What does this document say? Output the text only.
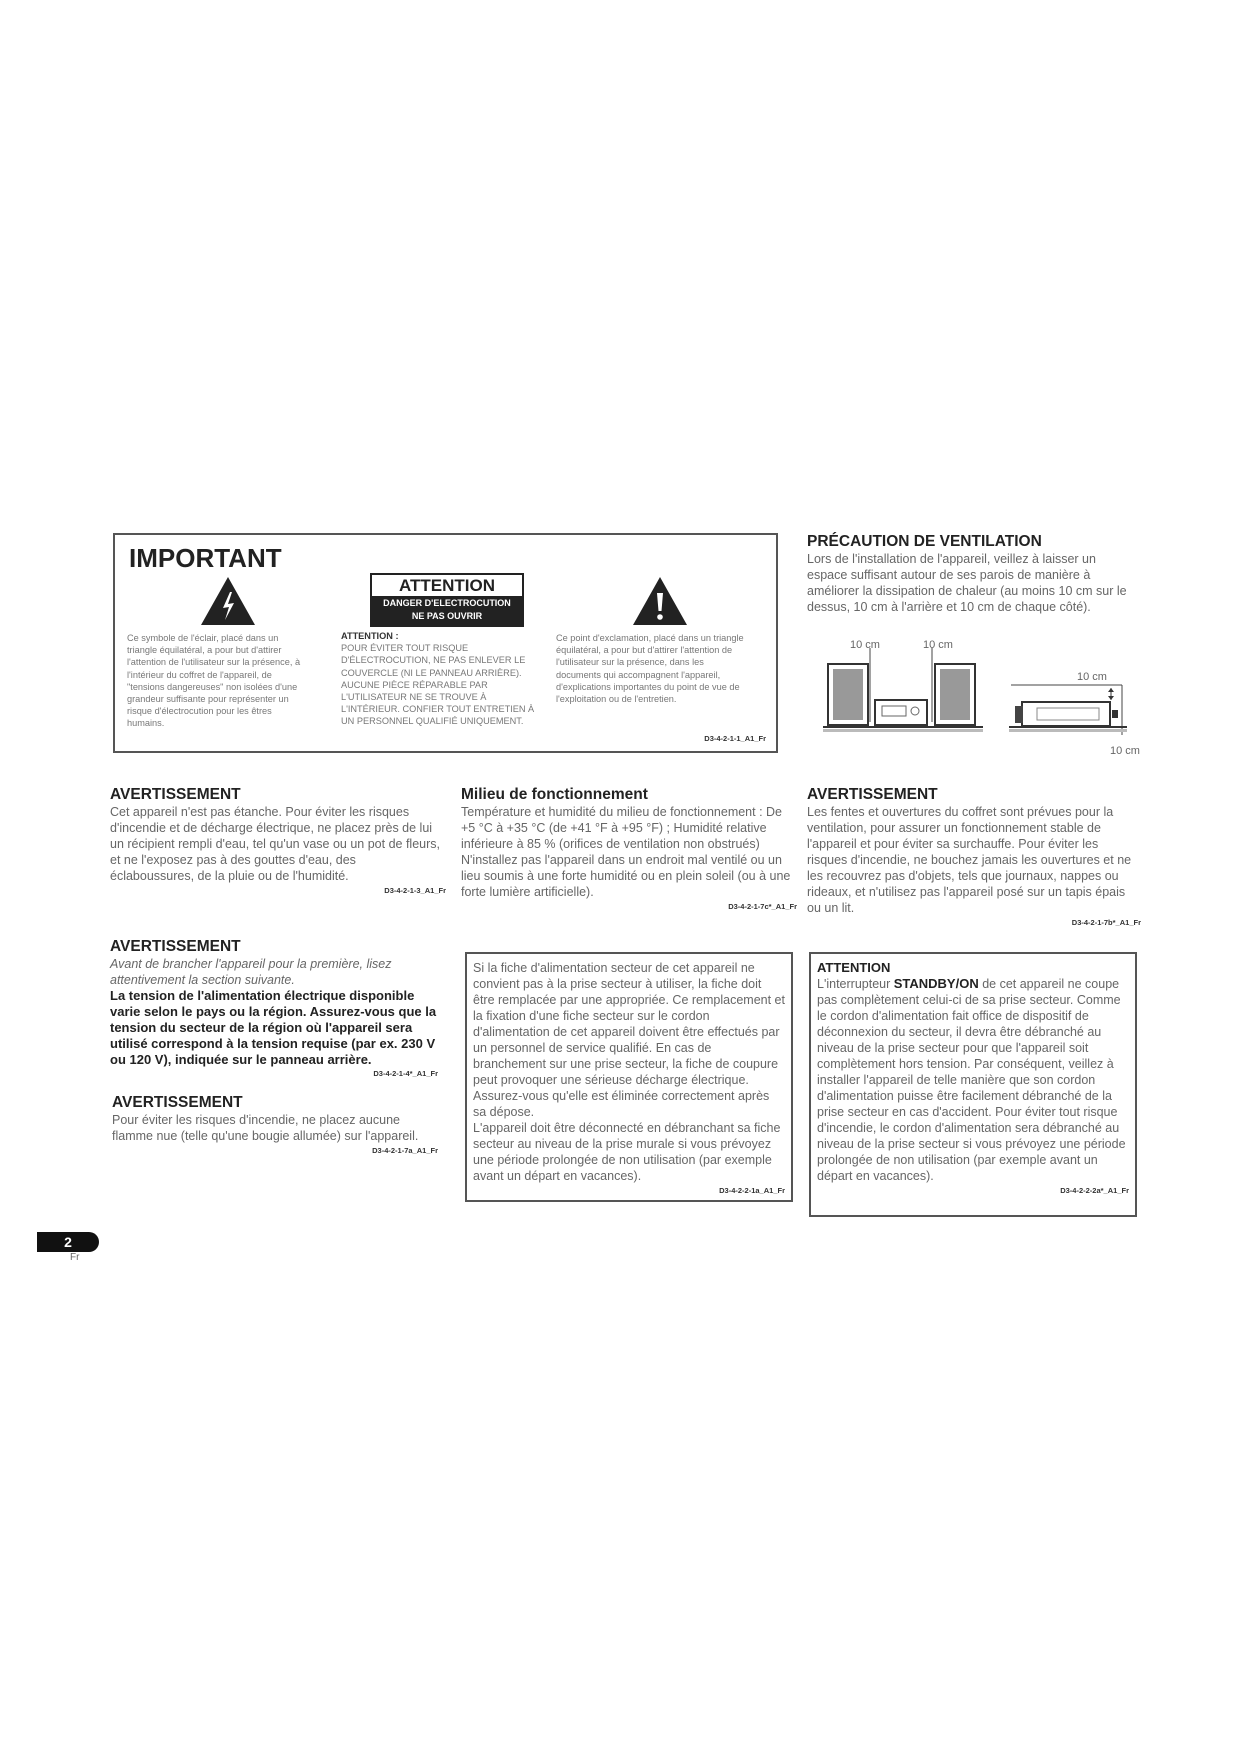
IMPORTANT
ATTENTION
DANGER D'ELECTROCUTION
NE PAS OUVRIR

Ce symbole de l'éclair, placé dans un triangle équilatéral, a pour but d'attirer l'attention de l'utilisateur sur la présence, à l'intérieur du coffret de l'appareil, de "tensions dangereuses" non isolées d'une grandeur suffisante pour représenter un risque d'électrocution pour les êtres humains.

ATTENTION :

POUR ÉVITER TOUT RISQUE D'ÉLECTROCUTION, NE PAS ENLEVER LE COUVERCLE (NI LE PANNEAU ARRIÈRE). AUCUNE PIÈCE RÉPARABLE PAR L'UTILISATEUR NE SE TROUVE À L'INTÉRIEUR. CONFIER TOUT ENTRETIEN À UN PERSONNEL QUALIFIÉ UNIQUEMENT.

Ce point d'exclamation, placé dans un triangle équilatéral, a pour but d'attirer l'attention de l'utilisateur sur la présence, dans les documents qui accompagnent l'appareil, d'explications importantes du point de vue de l'exploitation ou de l'entretien.

D3-4-2-1-1_A1_Fr

PRÉCAUTION DE VENTILATION

Lors de l'installation de l'appareil, veillez à laisser un espace suffisant autour de ses parois de manière à améliorer la dissipation de chaleur (au moins 10 cm sur le dessus, 10 cm à l'arrière et 10 cm de chaque côté).

10 cm	10 cm
10 cm
10 cm

AVERTISSEMENT

Cet appareil n'est pas étanche. Pour éviter les risques d'incendie et de décharge électrique, ne placez près de lui un récipient rempli d'eau, tel qu'un vase ou un pot de fleurs, et ne l'exposez pas à des gouttes d'eau, des éclaboussures, de la pluie ou de l'humidité.

D3-4-2-1-3_A1_Fr

Milieu de fonctionnement

Température et humidité du milieu de fonctionnement : De +5 °C à +35 °C (de +41 °F à +95 °F) ; Humidité relative inférieure à 85 % (orifices de ventilation non obstrués)

N'installez pas l'appareil dans un endroit mal ventilé ou un lieu soumis à une forte humidité ou en plein soleil (ou à une forte lumière artificielle).

D3-4-2-1-7c*_A1_Fr

AVERTISSEMENT

Les fentes et ouvertures du coffret sont prévues pour la ventilation, pour assurer un fonctionnement stable de l'appareil et pour éviter sa surchauffe. Pour éviter les risques d'incendie, ne bouchez jamais les ouvertures et ne les recouvrez pas d'objets, tels que journaux, nappes ou rideaux, et n'utilisez pas l'appareil posé sur un tapis épais ou un lit.

D3-4-2-1-7b*_A1_Fr

AVERTISSEMENT

Avant de brancher l'appareil pour la première, lisez attentivement la section suivante.

La tension de l'alimentation électrique disponible varie selon le pays ou la région. Assurez-vous que la tension du secteur de la région où l'appareil sera utilisé correspond à la tension requise (par ex. 230 V ou 120 V), indiquée sur le panneau arrière.

D3-4-2-1-4*_A1_Fr

AVERTISSEMENT

Pour éviter les risques d'incendie, ne placez aucune flamme nue (telle qu'une bougie allumée) sur l'appareil.

D3-4-2-1-7a_A1_Fr

Si la fiche d'alimentation secteur de cet appareil ne convient pas à la prise secteur à utiliser, la fiche doit être remplacée par une appropriée. Ce remplacement et la fixation d'une fiche secteur sur le cordon d'alimentation de cet appareil doivent être effectués par un personnel de service qualifié. En cas de branchement sur une prise secteur, la fiche de coupure peut provoquer une sérieuse décharge électrique. Assurez-vous qu'elle est éliminée correctement après sa dépose.

L'appareil doit être déconnecté en débranchant sa fiche secteur au niveau de la prise murale si vous prévoyez une période prolongée de non utilisation (par exemple avant un départ en vacances).

D3-4-2-2-1a_A1_Fr

ATTENTION

L'interrupteur STANDBY/ON de cet appareil ne coupe pas complètement celui-ci de sa prise secteur. Comme le cordon d'alimentation fait office de dispositif de déconnexion du secteur, il devra être débranché au niveau de la prise secteur pour que l'appareil soit complètement hors tension. Par conséquent, veillez à installer l'appareil de telle manière que son cordon d'alimentation puisse être facilement débranché de la prise secteur en cas d'accident. Pour éviter tout risque d'incendie, le cordon d'alimentation sera débranché au niveau de la prise secteur si vous prévoyez une période prolongée de non utilisation (par exemple avant un départ en vacances).

D3-4-2-2-2a*_A1_Fr
2
Fr
